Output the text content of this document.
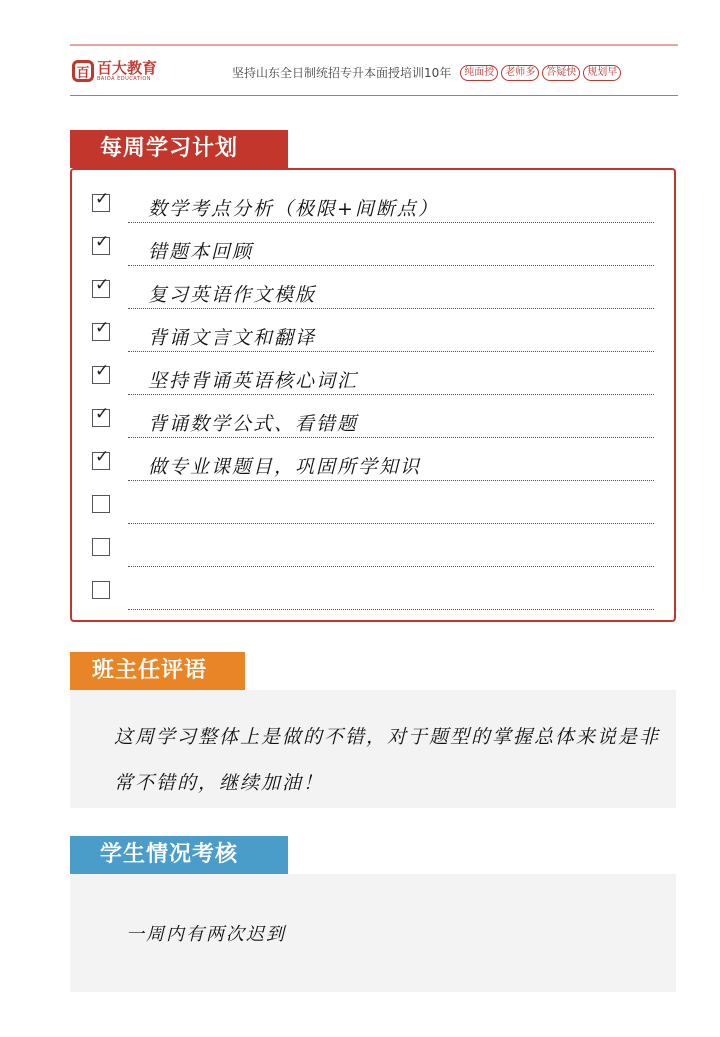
百 百大教育
BAIDA EDUCATION	坚持山东全日制统招专升本面授培训10年	纯面授	老师多	答疑快	规划早
每周学习计划
✓ 数学考点分析（极限+间断点）
✓ 错题本回顾
✓ 复习英语作文模版
✓ 背诵文言文和翻译
✓ 坚持背诵英语核心词汇
✓ 背诵数学公式、看错题
✓ 做专业课题目，巩固所学知识
班主任评语
这周学习整体上是做的不错，对于题型的掌握总体来说是非常不错的，继续加油！
学生情况考核
一周内有两次迟到
